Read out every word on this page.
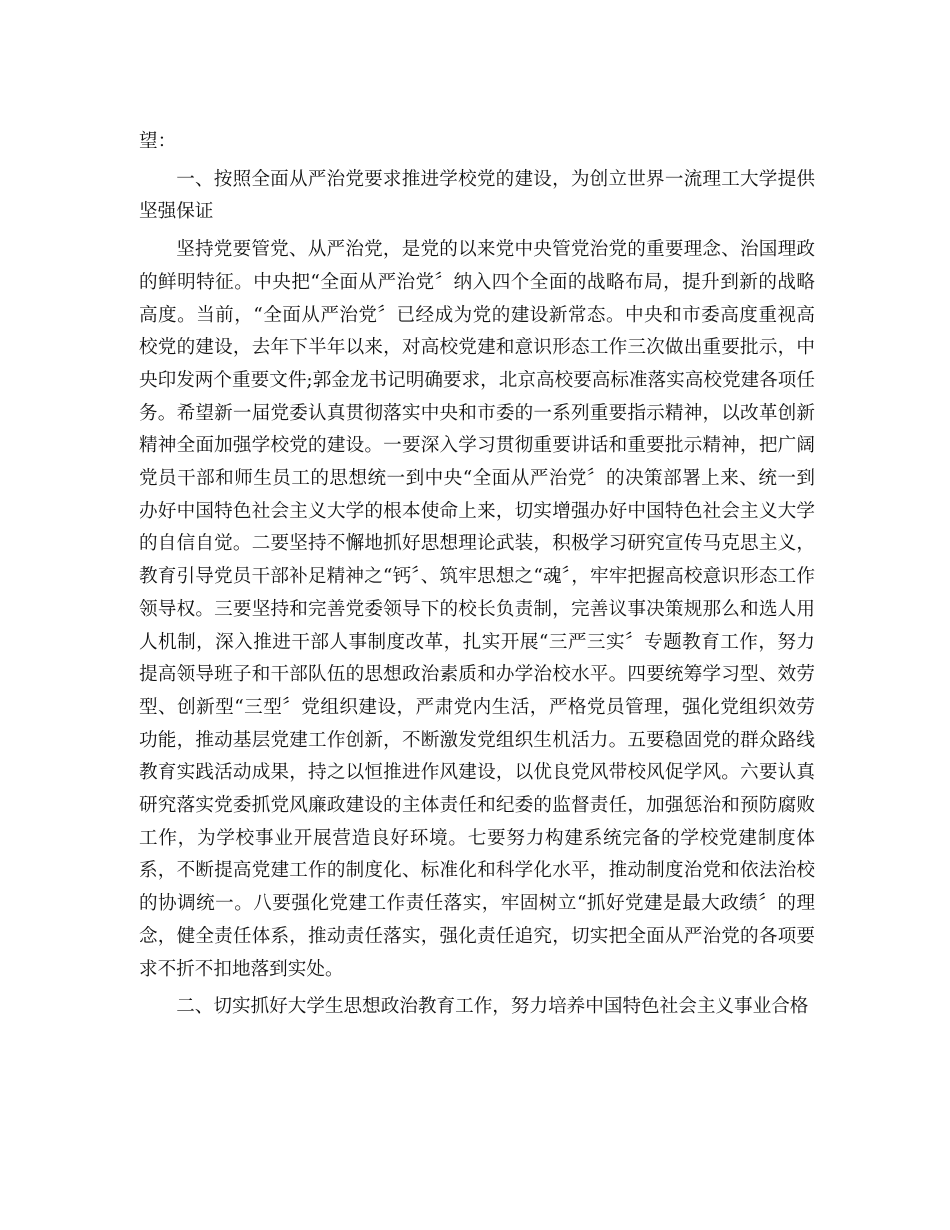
望：

一、按照全面从严治党要求推进学校党的建设，为创立世界一流理工大学提供坚强保证

坚持党要管党、从严治党，是党的以来党中央管党治党的重要理念、治国理政的鲜明特征。中央把“全面从严治党〞纳入四个全面的战略布局，提升到新的战略高度。当前，“全面从严治党〞已经成为党的建设新常态。中央和市委高度重视高校党的建设，去年下半年以来，对高校党建和意识形态工作三次做出重要批示，中央印发两个重要文件;郭金龙书记明确要求，北京高校要高标准落实高校党建各项任务。希望新一届党委认真贯彻落实中央和市委的一系列重要指示精神，以改革创新精神全面加强学校党的建设。一要深入学习贯彻重要讲话和重要批示精神，把广阔党员干部和师生员工的思想统一到中央“全面从严治党〞的决策部署上来、统一到办好中国特色社会主义大学的根本使命上来，切实增强办好中国特色社会主义大学的自信自觉。二要坚持不懈地抓好思想理论武装，积极学习研究宣传马克思主义，教育引导党员干部补足精神之“钙〞、筑牢思想之“魂〞，牢牢把握高校意识形态工作领导权。三要坚持和完善党委领导下的校长负责制，完善议事决策规那么和选人用人机制，深入推进干部人事制度改革，扎实开展“三严三实〞专题教育工作，努力提高领导班子和干部队伍的思想政治素质和办学治校水平。四要统筹学习型、效劳型、创新型“三型〞党组织建设，严肃党内生活，严格党员管理，强化党组织效劳功能，推动基层党建工作创新，不断激发党组织生机活力。五要稳固党的群众路线教育实践活动成果，持之以恒推进作风建设，以优良党风带校风促学风。六要认真研究落实党委抓党风廉政建设的主体责任和纪委的监督责任，加强惩治和预防腐败工作，为学校事业开展营造良好环境。七要努力构建系统完备的学校党建制度体系，不断提高党建工作的制度化、标准化和科学化水平，推动制度治党和依法治校的协调统一。八要强化党建工作责任落实，牢固树立“抓好党建是最大政绩〞的理念，健全责任体系，推动责任落实，强化责任追究，切实把全面从严治党的各项要求不折不扣地落到实处。

二、切实抓好大学生思想政治教育工作，努力培养中国特色社会主义事业合格
